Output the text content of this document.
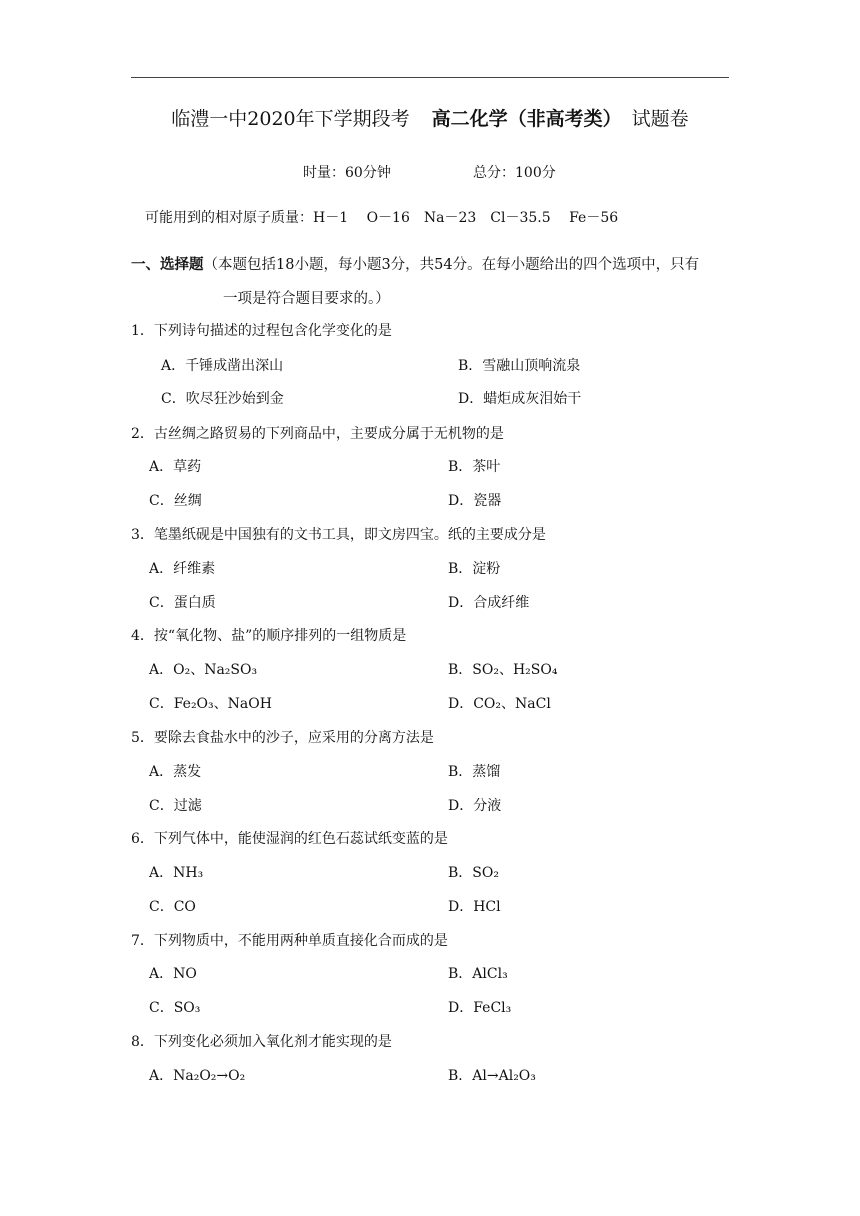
临澧一中2020年下学期段考 高二化学（非高考类） 试题卷
时量：60分钟	总分：100分
可能用到的相对原子质量：H－1　 O－16　Na－23　Cl－35.5　 Fe－56
一、选择题（本题包括18小题，每小题3分，共54分。在每小题给出的四个选项中，只有
一项是符合题目要求的。）
1．下列诗句描述的过程包含化学变化的是
A．千锤成凿出深山	B．雪融山顶响流泉
C．吹尽狂沙始到金	D．蜡炬成灰泪始干
2．古丝绸之路贸易的下列商品中，主要成分属于无机物的是
A．草药	B．茶叶
C．丝绸	D．瓷器
3．笔墨纸砚是中国独有的文书工具，即文房四宝。纸的主要成分是
A．纤维素	B．淀粉
C．蛋白质	D．合成纤维
4．按“氧化物、盐”的顺序排列的一组物质是
A．O₂、Na₂SO₃	B．SO₂、H₂SO₄
C．Fe₂O₃、NaOH	D．CO₂、NaCl
5．要除去食盐水中的沙子，应采用的分离方法是
A．蒸发	B．蒸馏
C．过滤	D．分液
6．下列气体中，能使湿润的红色石蕊试纸变蓝的是
A．NH₃	B．SO₂
C．CO	D．HCl
7．下列物质中，不能用两种单质直接化合而成的是
A．NO	B．AlCl₃
C．SO₃	D．FeCl₃
8．下列变化必须加入氧化剂才能实现的是
A．Na₂O₂→O₂	B．Al→Al₂O₃
